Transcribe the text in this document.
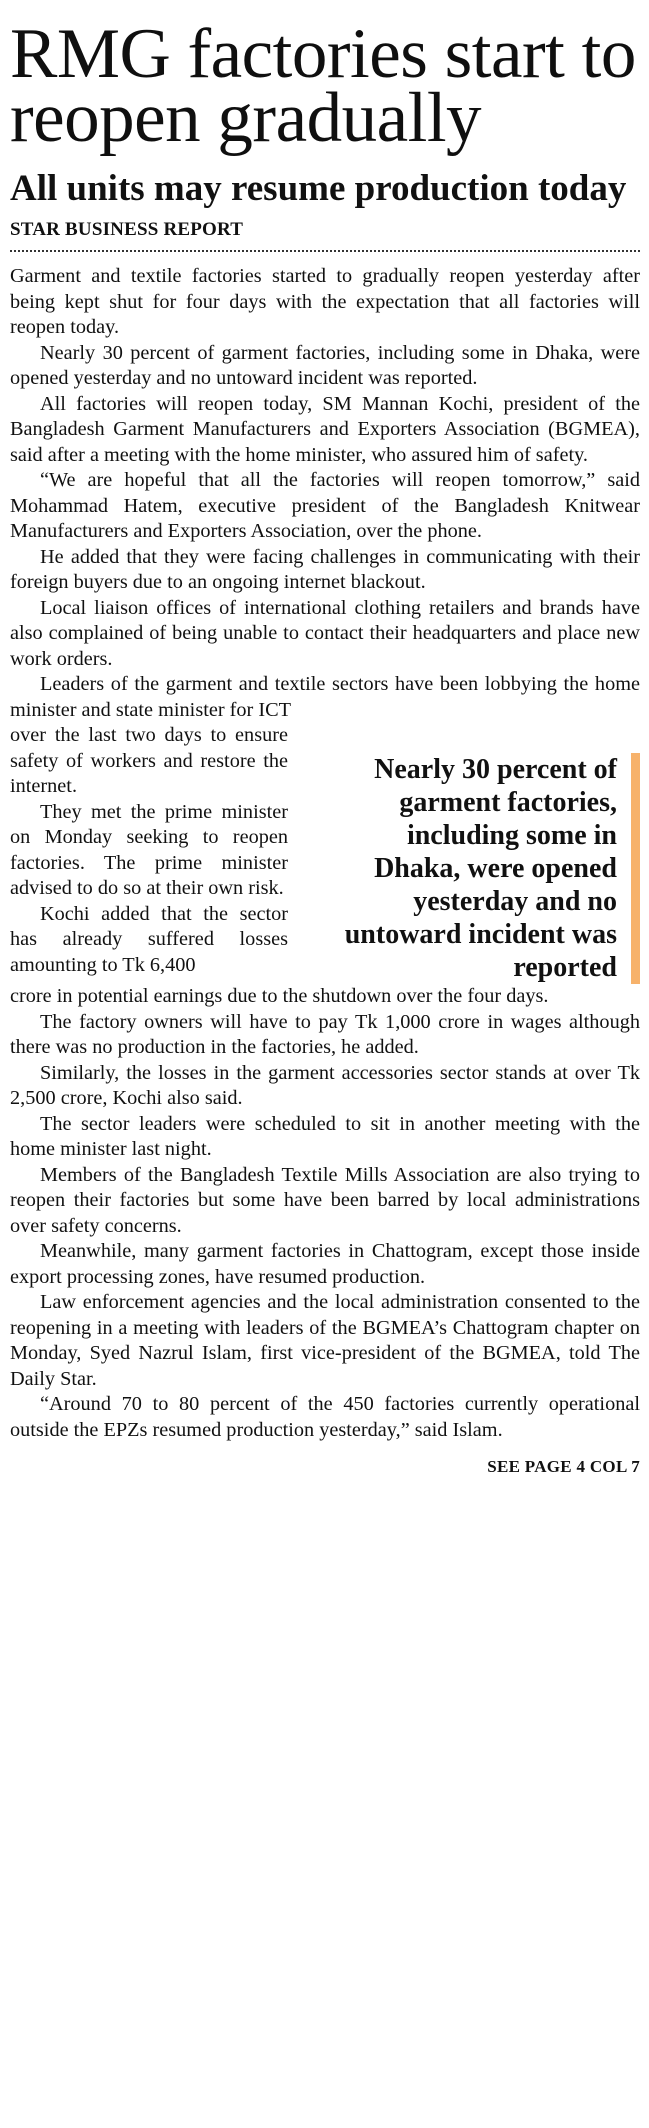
RMG factories start to reopen gradually
All units may resume production today
STAR BUSINESS REPORT

Garment and textile factories started to gradually reopen yesterday after being kept shut for four days with the expectation that all factories will reopen today.

Nearly 30 percent of garment factories, including some in Dhaka, were opened yesterday and no untoward incident was reported.

All factories will reopen today, SM Mannan Kochi, president of the Bangladesh Garment Manufacturers and Exporters Association (BGMEA), said after a meeting with the home minister, who assured him of safety.

“We are hopeful that all the factories will reopen tomorrow,” said Mohammad Hatem, executive president of the Bangladesh Knitwear Manufacturers and Exporters Association, over the phone.

He added that they were facing challenges in communicating with their foreign buyers due to an ongoing internet blackout.

Local liaison offices of international clothing retailers and brands have also complained of being unable to contact their headquarters and place new work orders.

Leaders of the garment and textile sectors have been lobbying the home minister and state minister for ICT

over the last two days to ensure safety of workers and restore the internet.

They met the prime minister on Monday seeking to reopen factories. The prime minister advised to do so at their own risk.

Kochi added that the sector has already suffered losses amounting to Tk 6,400

Nearly 30 percent of garment factories, including some in Dhaka, were opened yesterday and no untoward incident was reported

crore in potential earnings due to the shutdown over the four days.

The factory owners will have to pay Tk 1,000 crore in wages although there was no production in the factories, he added.

Similarly, the losses in the garment accessories sector stands at over Tk 2,500 crore, Kochi also said.

The sector leaders were scheduled to sit in another meeting with the home minister last night.

Members of the Bangladesh Textile Mills Association are also trying to reopen their factories but some have been barred by local administrations over safety concerns.

Meanwhile, many garment factories in Chattogram, except those inside export processing zones, have resumed production.

Law enforcement agencies and the local administration consented to the reopening in a meeting with leaders of the BGMEA’s Chattogram chapter on Monday, Syed Nazrul Islam, first vice-president of the BGMEA, told The Daily Star.

“Around 70 to 80 percent of the 450 factories currently operational outside the EPZs resumed production yesterday,” said Islam.

SEE PAGE 4 COL 7
